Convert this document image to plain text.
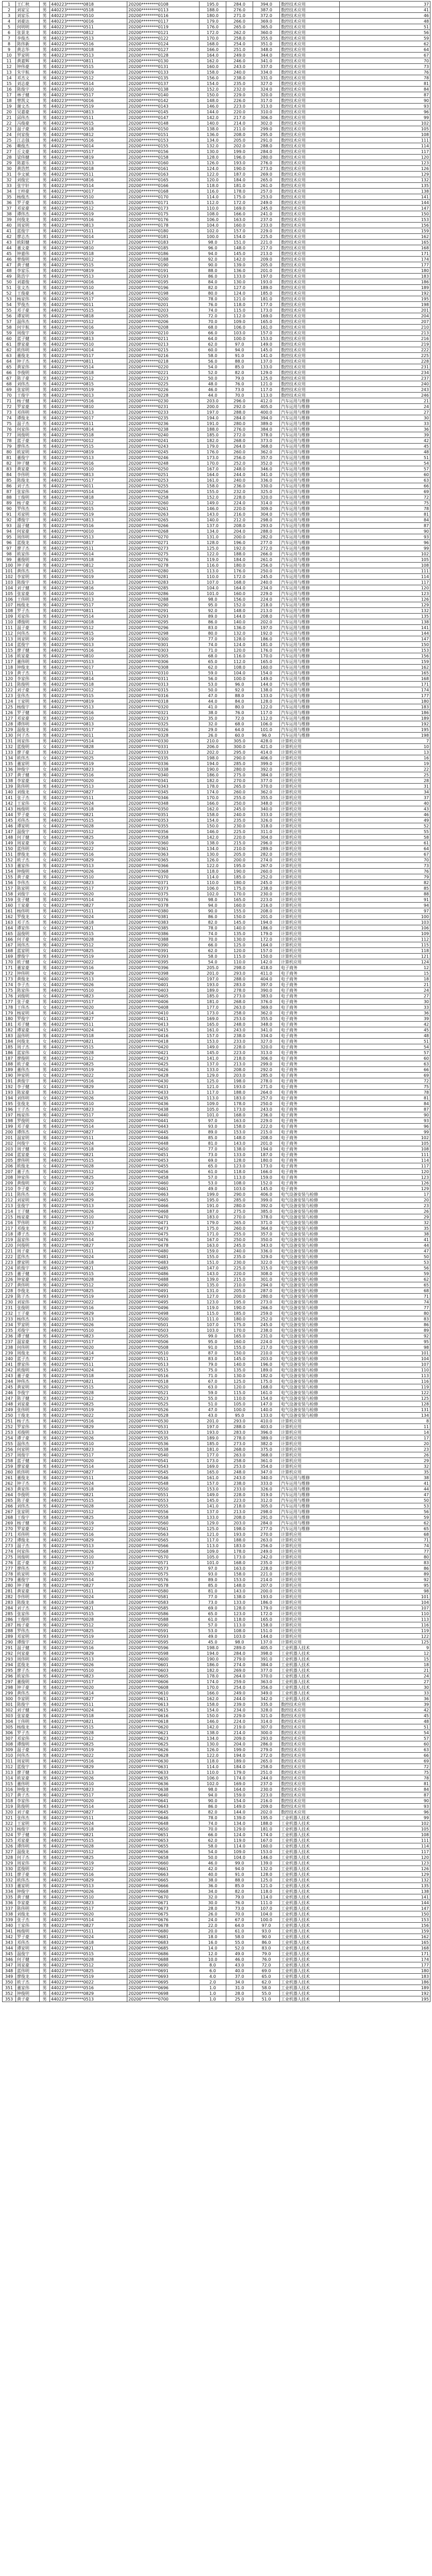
1	王仁秋	男	440223********0818	20200********0108	195.0	284.0	394.0	数控技术应用	37
2	刘家宝	男	440223********0518	20200********0113	188.0	276.0	387.0	数控技术应用	41
3	刘家乐	男	440223********0510	20200********0116	180.0	271.0	372.0	数控技术应用	46
4	刘豪达	男	440223********0016	20200********0117	179.0	266.0	369.0	数控技术应用	48
5	何明明	男	440223********0511	20200********0119	176.0	265.0	365.0	数控技术应用	51
6	张景龙	男	440223********0812	20200********0121	172.0	262.0	360.0	数控技术应用	56
7	李俊杰	男	440223********0513	20200********0122	170.0	258.0	355.0	数控技术应用	59
8	陈伟新	男	440223********0516	20200********0124	168.0	254.0	351.0	数控技术应用	62
9	黄志华	男	440223********0018	20200********0127	166.0	251.0	348.0	数控技术应用	64
10	罗家明	男	440223********0513	20200********0128	164.0	249.0	344.0	数控技术应用	67
11	黄嘉辉	男	440223********0811	20200********0130	162.0	246.0	341.0	数控技术应用	70
12	钟伟豪	男	440223********0515	20200********0131	160.0	243.0	337.0	数控技术应用	73
13	朱宇航	男	440223********0019	20200********0133	158.0	240.0	334.0	数控技术应用	76
14	邓杰文	男	440223********0512	20200********0135	156.0	238.0	331.0	数控技术应用	78
15	刘志豪	男	440223********0514	20200********0137	154.0	235.0	327.0	数控技术应用	81
16	陈俊宇	男	440223********0810	20200********0138	152.0	232.0	324.0	数控技术应用	84
17	林子健	男	440223********0517	20200********0140	150.0	229.0	320.0	数控技术应用	87
18	曾凯文	男	440223********0016	20200********0142	148.0	226.0	317.0	数控技术应用	90
19	谢文杰	男	440223********0519	20200********0143	146.0	223.0	313.0	数控技术应用	93
20	吴嘉豪	男	440223********0813	20200********0145	144.0	220.0	310.0	数控技术应用	96
21	邱伟杰	男	440223********0511	20200********0147	142.0	217.0	306.0	数控技术应用	99
22	冯俊豪	男	440223********0015	20200********0148	140.0	214.0	302.0	数控技术应用	102
23	温子豪	男	440223********0518	20200********0150	138.0	211.0	299.0	数控技术应用	105
24	何家俊	男	440223********0812	20200********0151	136.0	208.0	295.0	数控技术应用	108
25	江志强	男	440223********0516	20200********0153	134.0	205.0	291.0	数控技术应用	111
26	赖俊杰	男	440223********0014	20200********0155	132.0	202.0	288.0	数控技术应用	114
27	丘文豪	男	440223********0517	20200********0156	130.0	199.0	284.0	数控技术应用	117
28	梁伟健	男	440223********0819	20200********0158	128.0	196.0	280.0	数控技术应用	120
29	陈嘉乐	男	440223********0513	20200********0160	126.0	193.0	276.0	数控技术应用	123
30	黄浩然	男	440223********0018	20200********0161	124.0	190.0	273.0	数控技术应用	126
31	李文斌	男	440223********0511	20200********0163	122.0	187.0	269.0	数控技术应用	129
32	刘俊宏	男	440223********0816	20200********0165	120.0	184.0	265.0	数控技术应用	132
33	张宇轩	男	440223********0514	20200********0166	118.0	181.0	261.0	数控技术应用	135
34	王梓豪	男	440223********0017	20200********0168	116.0	178.0	257.0	数控技术应用	138
35	杨俊杰	男	440223********0510	20200********0170	114.0	175.0	253.0	数控技术应用	141
36	罗子豪	男	440223********0815	20200********0171	112.0	172.0	249.0	数控技术应用	144
37	邓家豪	男	440223********0512	20200********0173	110.0	169.0	245.0	数控技术应用	147
38	谭伟杰	男	440223********0019	20200********0175	108.0	166.0	241.0	数控技术应用	150
39	何俊龙	男	440223********0516	20200********0176	106.0	163.0	237.0	数控技术应用	153
40	周家明	男	440223********0813	20200********0178	104.0	160.0	233.0	数控技术应用	156
41	蓝俊宇	男	440223********0511	20200********0180	102.0	157.0	229.0	数控技术应用	159
42	廖志杰	男	440223********0014	20200********0181	100.0	154.0	225.0	数控技术应用	162
43	欧阳健	男	440223********0517	20200********0183	98.0	151.0	221.0	数控技术应用	165
44	董文豪	男	440223********0810	20200********0185	96.0	148.0	217.0	数控技术应用	168
45	钟嘉伟	男	440223********0518	20200********0186	94.0	145.0	213.0	数控技术应用	171
46	曾俊明	男	440223********0012	20200********0188	92.0	142.0	209.0	数控技术应用	174
47	黄子健	男	440223********0515	20200********0190	90.0	139.0	205.0	数控技术应用	177
48	李家乐	男	440223********0819	20200********0191	88.0	136.0	201.0	数控技术应用	180
49	陈浩宇	男	440223********0513	20200********0193	86.0	133.0	197.0	数控技术应用	183
50	刘嘉俊	男	440223********0016	20200********0195	84.0	130.0	193.0	数控技术应用	186
51	张文杰	男	440223********0510	20200********0196	82.0	127.0	189.0	数控技术应用	189
52	王俊豪	男	440223********0814	20200********0198	80.0	124.0	185.0	数控技术应用	192
53	杨家伟	男	440223********0517	20200********0200	78.0	121.0	181.0	数控技术应用	195
54	罗俊杰	男	440223********0011	20200********0201	76.0	118.0	177.0	数控技术应用	198
55	邓子豪	男	440223********0515	20200********0203	74.0	115.0	173.0	数控技术应用	201
56	谭家明	男	440223********0818	20200********0205	72.0	112.0	169.0	数控技术应用	204
57	温伟杰	男	440223********0512	20200********0206	70.0	109.0	165.0	数控技术应用	207
58	何宇航	男	440223********0016	20200********0208	68.0	106.0	161.0	数控技术应用	210
59	周俊宇	男	440223********0519	20200********0210	66.0	103.0	157.0	数控技术应用	213
60	蓝子健	男	440223********0813	20200********0211	64.0	100.0	153.0	数控技术应用	216
61	廖家豪	男	440223********0510	20200********0213	62.0	97.0	149.0	数控技术应用	219
62	欧伟明	男	440223********0014	20200********0215	60.0	94.0	145.0	数控技术应用	222
63	董俊龙	男	440223********0517	20200********0216	58.0	91.0	141.0	数控技术应用	225
64	钟子杰	男	440223********0811	20200********0218	56.0	88.0	137.0	数控技术应用	228
65	黄家伟	男	440223********0514	20200********0220	54.0	85.0	133.0	数控技术应用	231
66	李俊明	男	440223********0018	20200********0221	52.0	82.0	129.0	数控技术应用	234
67	陈子豪	男	440223********0512	20200********0223	50.0	79.0	125.0	数控技术应用	237
68	刘伟杰	男	440223********0815	20200********0225	48.0	76.0	121.0	数控技术应用	240
69	张家明	男	440223********0519	20200********0226	46.0	73.0	117.0	数控技术应用	243
70	王俊宇	男	440223********0013	20200********0228	44.0	70.0	113.0	数控技术应用	246
71	杨子健	男	440223********0516	20200********0230	203.0	296.0	412.0	汽车运用与维修	21
72	罗家豪	男	440223********0810	20200********0231	200.0	292.0	405.0	汽车运用与维修	24
73	邓伟明	男	440223********0513	20200********0233	197.0	288.0	400.0	汽车运用与维修	27
74	谭俊龙	男	440223********0017	20200********0235	194.0	284.0	394.0	汽车运用与维修	30
75	温子杰	男	440223********0511	20200********0236	191.0	280.0	389.0	汽车运用与维修	33
76	何家伟	男	440223********0814	20200********0238	188.0	276.0	384.0	汽车运用与维修	36
77	周俊明	男	440223********0518	20200********0240	185.0	272.0	378.0	汽车运用与维修	39
78	蓝子豪	男	440223********0012	20200********0241	182.0	268.0	373.0	汽车运用与维修	42
79	廖伟杰	男	440223********0515	20200********0243	179.0	264.0	368.0	汽车运用与维修	45
80	欧家明	男	440223********0819	20200********0245	176.0	260.0	362.0	汽车运用与维修	48
81	董俊宇	男	440223********0513	20200********0246	173.0	256.0	357.0	汽车运用与维修	51
82	钟子健	男	440223********0016	20200********0248	170.0	252.0	352.0	汽车运用与维修	54
83	黄家豪	男	440223********0510	20200********0250	167.0	248.0	346.0	汽车运用与维修	57
84	李伟明	男	440223********0813	20200********0251	164.0	244.0	341.0	汽车运用与维修	60
85	陈俊龙	男	440223********0517	20200********0253	161.0	240.0	336.0	汽车运用与维修	63
86	刘子杰	男	440223********0011	20200********0255	158.0	236.0	330.0	汽车运用与维修	66
87	张家伟	男	440223********0514	20200********0256	155.0	232.0	325.0	汽车运用与维修	69
88	王俊明	男	440223********0818	20200********0258	152.0	228.0	320.0	汽车运用与维修	72
89	杨子豪	男	440223********0512	20200********0260	149.0	224.0	314.0	汽车运用与维修	75
90	罗伟杰	男	440223********0015	20200********0261	146.0	220.0	309.0	汽车运用与维修	78
91	邓家明	男	440223********0519	20200********0263	143.0	216.0	304.0	汽车运用与维修	81
92	谭俊宇	男	440223********0813	20200********0265	140.0	212.0	298.0	汽车运用与维修	84
93	温子健	男	440223********0516	20200********0266	137.0	208.0	293.0	汽车运用与维修	87
94	何家豪	男	440223********0010	20200********0268	134.0	204.0	288.0	汽车运用与维修	90
95	周伟明	男	440223********0513	20200********0270	131.0	200.0	282.0	汽车运用与维修	93
96	蓝俊龙	男	440223********0817	20200********0271	128.0	196.0	277.0	汽车运用与维修	96
97	廖子杰	男	440223********0511	20200********0273	125.0	192.0	272.0	汽车运用与维修	99
98	欧家伟	男	440223********0014	20200********0275	122.0	188.0	266.0	汽车运用与维修	102
99	董俊明	男	440223********0518	20200********0276	119.0	184.0	261.0	汽车运用与维修	105
100	钟子豪	男	440223********0812	20200********0278	116.0	180.0	256.0	汽车运用与维修	108
101	黄伟杰	男	440223********0515	20200********0280	113.0	176.0	250.0	汽车运用与维修	111
102	李家明	男	440223********0019	20200********0281	110.0	172.0	245.0	汽车运用与维修	114
103	陈俊宇	男	440223********0513	20200********0283	107.0	168.0	240.0	汽车运用与维修	117
104	刘子健	男	440223********0816	20200********0285	104.0	164.0	234.0	汽车运用与维修	120
105	张家豪	男	440223********0510	20200********0286	101.0	160.0	229.0	汽车运用与维修	123
106	王伟明	男	440223********0013	20200********0288	98.0	156.0	224.0	汽车运用与维修	126
107	杨俊龙	男	440223********0517	20200********0290	95.0	152.0	218.0	汽车运用与维修	129
108	罗子杰	男	440223********0811	20200********0291	92.0	148.0	213.0	汽车运用与维修	132
109	邓家伟	男	440223********0514	20200********0293	89.0	144.0	208.0	汽车运用与维修	135
110	谭俊明	男	440223********0018	20200********0295	86.0	140.0	202.0	汽车运用与维修	138
111	温子豪	男	440223********0512	20200********0296	83.0	136.0	197.0	汽车运用与维修	141
112	何伟杰	男	440223********0815	20200********0298	80.0	132.0	192.0	汽车运用与维修	144
113	周家明	男	440223********0519	20200********0300	77.0	128.0	186.0	汽车运用与维修	147
114	蓝俊宇	男	440223********0013	20200********0301	74.0	124.0	181.0	汽车运用与维修	150
115	廖子健	男	440223********0516	20200********0303	71.0	120.0	176.0	汽车运用与维修	153
116	欧家豪	男	440223********0810	20200********0305	68.0	116.0	170.0	汽车运用与维修	156
117	董伟明	男	440223********0513	20200********0306	65.0	112.0	165.0	汽车运用与维修	159
118	钟俊龙	男	440223********0017	20200********0308	62.0	108.0	160.0	汽车运用与维修	162
119	黄子杰	男	440223********0511	20200********0310	59.0	104.0	154.0	汽车运用与维修	165
120	李家伟	男	440223********0814	20200********0311	56.0	100.0	149.0	汽车运用与维修	168
121	陈俊明	男	440223********0518	20200********0313	53.0	96.0	144.0	汽车运用与维修	171
122	刘子豪	男	440223********0012	20200********0315	50.0	92.0	138.0	汽车运用与维修	174
123	张伟杰	男	440223********0515	20200********0316	47.0	88.0	133.0	汽车运用与维修	177
124	王家明	男	440223********0819	20200********0318	44.0	84.0	128.0	汽车运用与维修	180
125	杨俊宇	男	440223********0513	20200********0320	41.0	80.0	122.0	汽车运用与维修	183
126	罗子健	男	440223********0016	20200********0321	38.0	76.0	117.0	汽车运用与维修	186
127	邓家豪	男	440223********0510	20200********0323	35.0	72.0	112.0	汽车运用与维修	189
128	谭伟明	男	440223********0813	20200********0325	32.0	68.0	106.0	汽车运用与维修	192
129	温俊龙	男	440223********0517	20200********0326	29.0	64.0	101.0	汽车运用与维修	195
130	何子杰	男	440223********0011	20200********0328	26.0	60.0	96.0	汽车运用与维修	198
131	周家伟	男	440223********0514	20200********0330	210.0	305.0	428.0	计算机应用	7
132	蓝俊明	女	440223********0828	20200********0331	206.0	300.0	421.0	计算机应用	10
133	廖子豪	男	440223********0512	20200********0333	202.0	295.0	414.0	计算机应用	13
134	欧伟杰	女	440223********0025	20200********0335	198.0	290.0	406.0	计算机应用	16
135	董家明	男	440223********0519	20200********0336	194.0	285.0	399.0	计算机应用	19
136	钟俊宇	女	440223********0823	20200********0338	190.0	280.0	392.0	计算机应用	22
137	黄子健	男	440223********0516	20200********0340	186.0	275.0	384.0	计算机应用	25
138	李家豪	女	440223********0020	20200********0341	182.0	270.0	377.0	计算机应用	28
139	陈伟明	男	440223********0513	20200********0343	178.0	265.0	370.0	计算机应用	31
140	刘俊龙	女	440223********0827	20200********0345	174.0	260.0	362.0	计算机应用	34
141	张子杰	男	440223********0511	20200********0346	170.0	255.0	355.0	计算机应用	37
142	王家伟	女	440223********0024	20200********0348	166.0	250.0	348.0	计算机应用	40
143	杨俊明	男	440223********0518	20200********0350	162.0	245.0	340.0	计算机应用	43
144	罗子豪	女	440223********0821	20200********0351	158.0	240.0	333.0	计算机应用	46
145	邓伟杰	男	440223********0515	20200********0353	154.0	235.0	326.0	计算机应用	49
146	谭家明	女	440223********0028	20200********0355	150.0	230.0	318.0	计算机应用	52
147	温俊宇	男	440223********0512	20200********0356	146.0	225.0	311.0	计算机应用	55
148	何子健	女	440223********0825	20200********0358	142.0	220.0	304.0	计算机应用	58
149	周家豪	男	440223********0519	20200********0360	138.0	215.0	296.0	计算机应用	61
150	蓝伟明	女	440223********0022	20200********0361	134.0	210.0	289.0	计算机应用	64
151	廖俊龙	男	440223********0516	20200********0363	130.0	205.0	282.0	计算机应用	67
152	欧子杰	女	440223********0829	20200********0365	126.0	200.0	274.0	计算机应用	70
153	董家伟	男	440223********0513	20200********0366	122.0	195.0	267.0	计算机应用	73
154	钟俊明	女	440223********0026	20200********0368	118.0	190.0	260.0	计算机应用	76
155	黄子豪	男	440223********0510	20200********0370	114.0	185.0	252.0	计算机应用	79
156	李伟杰	女	440223********0823	20200********0371	110.0	180.0	245.0	计算机应用	82
157	陈家明	男	440223********0517	20200********0373	106.0	175.0	238.0	计算机应用	85
158	刘俊宇	女	440223********0020	20200********0375	102.0	170.0	230.0	计算机应用	88
159	张子健	男	440223********0514	20200********0376	98.0	165.0	223.0	计算机应用	91
160	王家豪	女	440223********0827	20200********0378	94.0	160.0	216.0	计算机应用	94
161	杨伟明	男	440223********0511	20200********0380	90.0	155.0	208.0	计算机应用	97
162	罗俊龙	女	440223********0024	20200********0381	86.0	150.0	201.0	计算机应用	100
163	邓子杰	男	440223********0518	20200********0383	82.0	145.0	194.0	计算机应用	103
164	谭家伟	女	440223********0821	20200********0385	78.0	140.0	186.0	计算机应用	106
165	温俊明	男	440223********0515	20200********0386	74.0	135.0	179.0	计算机应用	109
166	何子豪	女	440223********0028	20200********0388	70.0	130.0	172.0	计算机应用	112
167	周伟杰	男	440223********0512	20200********0390	66.0	125.0	164.0	计算机应用	115
168	蓝家明	女	440223********0825	20200********0391	62.0	120.0	157.0	计算机应用	118
169	廖俊宇	男	440223********0519	20200********0393	58.0	115.0	150.0	计算机应用	121
170	欧子健	女	440223********0022	20200********0395	54.0	110.0	142.0	计算机应用	124
171	董家豪	男	440223********0516	20200********0396	205.0	298.0	418.0	电子商务	12
172	钟伟明	女	440223********0829	20200********0398	201.0	293.0	411.0	电子商务	15
173	黄俊龙	男	440223********0513	20200********0400	197.0	288.0	404.0	电子商务	18
174	李子杰	女	440223********0026	20200********0401	193.0	283.0	397.0	电子商务	21
175	陈家伟	男	440223********0510	20200********0403	189.0	278.0	390.0	电子商务	24
176	刘俊明	女	440223********0823	20200********0405	185.0	273.0	383.0	电子商务	27
177	张子豪	男	440223********0517	20200********0406	181.0	268.0	376.0	电子商务	30
178	王伟杰	女	440223********0020	20200********0408	177.0	263.0	369.0	电子商务	33
179	杨家明	男	440223********0514	20200********0410	173.0	258.0	362.0	电子商务	36
180	罗俊宇	女	440223********0827	20200********0411	169.0	253.0	355.0	电子商务	39
181	邓子健	男	440223********0511	20200********0413	165.0	248.0	348.0	电子商务	42
182	谭家豪	女	440223********0024	20200********0415	161.0	243.0	341.0	电子商务	45
183	温伟明	男	440223********0518	20200********0416	157.0	238.0	334.0	电子商务	48
184	何俊龙	女	440223********0821	20200********0418	153.0	233.0	327.0	电子商务	51
185	周子杰	男	440223********0515	20200********0420	149.0	228.0	320.0	电子商务	54
186	蓝家伟	女	440223********0028	20200********0421	145.0	223.0	313.0	电子商务	57
187	廖俊明	男	440223********0512	20200********0423	141.0	218.0	306.0	电子商务	60
188	欧子豪	女	440223********0825	20200********0425	137.0	213.0	299.0	电子商务	63
189	董伟杰	男	440223********0519	20200********0426	133.0	208.0	292.0	电子商务	66
190	钟家明	女	440223********0022	20200********0428	129.0	203.0	285.0	电子商务	69
191	黄俊宇	男	440223********0516	20200********0430	125.0	198.0	278.0	电子商务	72
192	李子健	女	440223********0829	20200********0431	121.0	193.0	271.0	电子商务	75
193	陈家豪	男	440223********0513	20200********0433	117.0	188.0	264.0	电子商务	78
194	刘伟明	女	440223********0026	20200********0435	113.0	183.0	257.0	电子商务	81
195	张俊龙	男	440223********0510	20200********0436	109.0	178.0	250.0	电子商务	84
196	王子杰	女	440223********0823	20200********0438	105.0	173.0	243.0	电子商务	87
197	杨家伟	男	440223********0517	20200********0440	101.0	168.0	236.0	电子商务	90
198	罗俊明	女	440223********0020	20200********0441	97.0	163.0	229.0	电子商务	93
199	邓子豪	男	440223********0514	20200********0443	93.0	158.0	222.0	电子商务	96
200	谭伟杰	女	440223********0827	20200********0445	89.0	153.0	215.0	电子商务	99
201	温家明	男	440223********0511	20200********0446	85.0	148.0	208.0	电子商务	102
202	何俊宇	女	440223********0024	20200********0448	81.0	143.0	201.0	电子商务	105
203	周子健	男	440223********0518	20200********0450	77.0	138.0	194.0	电子商务	108
204	蓝家豪	女	440223********0821	20200********0451	73.0	133.0	187.0	电子商务	111
205	廖伟明	男	440223********0515	20200********0453	69.0	128.0	180.0	电子商务	114
206	欧俊龙	女	440223********0028	20200********0455	65.0	123.0	173.0	电子商务	117
207	董子杰	男	440223********0512	20200********0456	61.0	118.0	166.0	电子商务	120
208	钟家伟	女	440223********0825	20200********0458	57.0	113.0	159.0	电子商务	123
209	黄俊明	男	440223********0519	20200********0460	53.0	108.0	152.0	电子商务	126
210	李子豪	女	440223********0022	20200********0461	49.0	103.0	145.0	电子商务	129
211	陈伟杰	男	440223********0516	20200********0463	199.0	290.0	406.0	电气设备安装与检修	17
212	刘家明	男	440223********0829	20200********0465	195.0	285.0	399.0	电气设备安装与检修	20
213	张俊宇	男	440223********0513	20200********0466	191.0	280.0	392.0	电气设备安装与检修	23
214	王子健	男	440223********0026	20200********0468	187.0	275.0	385.0	电气设备安装与检修	26
215	杨家豪	男	440223********0510	20200********0470	183.0	270.0	378.0	电气设备安装与检修	29
216	罗伟明	男	440223********0823	20200********0471	179.0	265.0	371.0	电气设备安装与检修	32
217	邓俊龙	男	440223********0517	20200********0473	175.0	260.0	364.0	电气设备安装与检修	35
218	谭子杰	男	440223********0020	20200********0475	171.0	255.0	357.0	电气设备安装与检修	38
219	温家伟	男	440223********0514	20200********0476	167.0	250.0	350.0	电气设备安装与检修	41
220	何俊明	男	440223********0827	20200********0478	163.0	245.0	343.0	电气设备安装与检修	44
221	周子豪	男	440223********0511	20200********0480	159.0	240.0	336.0	电气设备安装与检修	47
222	蓝伟杰	男	440223********0024	20200********0481	155.0	235.0	329.0	电气设备安装与检修	50
223	廖家明	男	440223********0518	20200********0483	151.0	230.0	322.0	电气设备安装与检修	53
224	欧俊宇	男	440223********0821	20200********0485	147.0	225.0	315.0	电气设备安装与检修	56
225	董子健	男	440223********0515	20200********0486	143.0	220.0	308.0	电气设备安装与检修	59
226	钟家豪	男	440223********0028	20200********0488	139.0	215.0	301.0	电气设备安装与检修	62
227	黄伟明	男	440223********0512	20200********0490	135.0	210.0	294.0	电气设备安装与检修	65
228	李俊龙	男	440223********0825	20200********0491	131.0	205.0	287.0	电气设备安装与检修	68
229	陈子杰	男	440223********0519	20200********0493	127.0	200.0	280.0	电气设备安装与检修	71
230	刘家伟	男	440223********0022	20200********0495	123.0	195.0	273.0	电气设备安装与检修	74
231	张俊明	男	440223********0516	20200********0496	119.0	190.0	266.0	电气设备安装与检修	77
232	王子豪	男	440223********0829	20200********0498	115.0	185.0	259.0	电气设备安装与检修	80
233	杨伟杰	男	440223********0513	20200********0500	111.0	180.0	252.0	电气设备安装与检修	83
234	罗家明	男	440223********0026	20200********0501	107.0	175.0	245.0	电气设备安装与检修	86
235	邓俊宇	男	440223********0510	20200********0503	103.0	170.0	238.0	电气设备安装与检修	89
236	谭子健	男	440223********0823	20200********0505	99.0	165.0	231.0	电气设备安装与检修	92
237	温家豪	男	440223********0517	20200********0506	95.0	160.0	224.0	电气设备安装与检修	95
238	何伟明	男	440223********0020	20200********0508	91.0	155.0	217.0	电气设备安装与检修	98
239	周俊龙	男	440223********0514	20200********0510	87.0	150.0	210.0	电气设备安装与检修	101
240	蓝子杰	男	440223********0827	20200********0511	83.0	145.0	203.0	电气设备安装与检修	104
241	廖家伟	男	440223********0511	20200********0513	79.0	140.0	196.0	电气设备安装与检修	107
242	欧俊明	男	440223********0024	20200********0515	75.0	135.0	189.0	电气设备安装与检修	110
243	董子豪	男	440223********0518	20200********0516	71.0	130.0	182.0	电气设备安装与检修	113
244	钟伟杰	男	440223********0821	20200********0518	67.0	125.0	175.0	电气设备安装与检修	116
245	黄家明	男	440223********0515	20200********0520	63.0	120.0	168.0	电气设备安装与检修	119
246	李俊宇	男	440223********0028	20200********0521	59.0	115.0	161.0	电气设备安装与检修	122
247	陈子健	男	440223********0512	20200********0523	55.0	110.0	154.0	电气设备安装与检修	125
248	刘家豪	男	440223********0825	20200********0525	51.0	105.0	147.0	电气设备安装与检修	128
249	张伟明	男	440223********0519	20200********0526	47.0	100.0	140.0	电气设备安装与检修	131
250	王俊龙	男	440223********0022	20200********0528	43.0	95.0	133.0	电气设备安装与检修	134
251	杨子杰	男	440223********0516	20200********0530	201.0	293.0	410.0	计算机应用	8
252	罗家伟	男	440223********0829	20200********0531	197.0	288.0	403.0	计算机应用	11
253	邓俊明	男	440223********0513	20200********0533	193.0	283.0	396.0	计算机应用	14
254	谭子豪	男	440223********0026	20200********0535	189.0	278.0	389.0	计算机应用	17
255	温伟杰	男	440223********0510	20200********0536	185.0	273.0	382.0	计算机应用	20
256	何家明	男	440223********0823	20200********0538	181.0	268.0	375.0	计算机应用	23
257	周俊宇	男	440223********0517	20200********0540	177.0	263.0	368.0	计算机应用	26
258	蓝子健	男	440223********0020	20200********0541	173.0	258.0	361.0	计算机应用	29
259	廖家豪	男	440223********0514	20200********0543	169.0	253.0	354.0	计算机应用	32
260	欧伟明	男	440223********0827	20200********0545	165.0	248.0	347.0	计算机应用	35
261	董俊龙	男	440223********0511	20200********0546	161.0	243.0	340.0	汽车运用与维修	38
262	钟子杰	男	440223********0024	20200********0548	157.0	238.0	333.0	汽车运用与维修	41
263	黄家伟	男	440223********0518	20200********0550	153.0	233.0	326.0	汽车运用与维修	44
264	李俊明	男	440223********0821	20200********0551	149.0	228.0	319.0	汽车运用与维修	47
265	陈子豪	男	440223********0515	20200********0553	145.0	223.0	312.0	汽车运用与维修	50
266	刘伟杰	男	440223********0028	20200********0555	141.0	218.0	305.0	汽车运用与维修	53
267	张家明	男	440223********0512	20200********0556	137.0	213.0	298.0	汽车运用与维修	56
268	王俊宇	男	440223********0825	20200********0558	133.0	208.0	291.0	汽车运用与维修	59
269	杨子健	男	440223********0519	20200********0560	129.0	203.0	284.0	汽车运用与维修	62
270	罗家豪	男	440223********0022	20200********0561	125.0	198.0	277.0	汽车运用与维修	65
271	邓伟明	男	440223********0516	20200********0563	121.0	193.0	270.0	计算机应用	68
272	谭俊龙	男	440223********0829	20200********0565	117.0	188.0	263.0	计算机应用	71
273	温子杰	男	440223********0513	20200********0566	113.0	183.0	256.0	计算机应用	74
274	何家伟	男	440223********0026	20200********0568	109.0	178.0	249.0	计算机应用	77
275	周俊明	男	440223********0510	20200********0570	105.0	173.0	242.0	计算机应用	80
276	蓝子豪	男	440223********0823	20200********0571	101.0	168.0	235.0	计算机应用	83
277	廖伟杰	男	440223********0517	20200********0573	97.0	163.0	228.0	计算机应用	86
278	欧家明	男	440223********0020	20200********0575	93.0	158.0	221.0	计算机应用	89
279	董俊宇	男	440223********0514	20200********0576	89.0	153.0	214.0	计算机应用	92
280	钟子健	男	440223********0827	20200********0578	85.0	148.0	207.0	计算机应用	95
281	黄家豪	男	440223********0511	20200********0580	81.0	143.0	200.0	计算机应用	98
282	李伟明	男	440223********0024	20200********0581	77.0	138.0	193.0	计算机应用	101
283	陈俊龙	男	440223********0518	20200********0583	73.0	133.0	186.0	计算机应用	104
284	刘子杰	男	440223********0821	20200********0585	69.0	128.0	179.0	计算机应用	107
285	张家伟	男	440223********0515	20200********0586	65.0	123.0	172.0	计算机应用	110
286	王俊明	男	440223********0028	20200********0588	61.0	118.0	165.0	计算机应用	113
287	杨子豪	男	440223********0512	20200********0590	57.0	113.0	158.0	计算机应用	116
288	罗伟杰	男	440223********0825	20200********0591	53.0	108.0	151.0	计算机应用	119
289	邓家明	男	440223********0519	20200********0593	49.0	103.0	144.0	计算机应用	122
290	谭俊宇	男	440223********0022	20200********0595	45.0	98.0	137.0	计算机应用	125
291	温子健	男	440223********0516	20200********0596	198.0	289.0	405.0	工业机器人技术	9
292	何家豪	男	440223********0829	20200********0598	194.0	284.0	398.0	工业机器人技术	12
293	周伟明	男	440223********0513	20200********0600	190.0	279.0	391.0	工业机器人技术	15
294	蓝俊龙	男	440223********0026	20200********0601	186.0	274.0	384.0	工业机器人技术	18
295	廖子杰	男	440223********0510	20200********0603	182.0	269.0	377.0	工业机器人技术	21
296	欧家伟	男	440223********0823	20200********0605	178.0	264.0	370.0	工业机器人技术	24
297	董俊明	男	440223********0517	20200********0606	174.0	259.0	363.0	工业机器人技术	27
298	钟子豪	男	440223********0020	20200********0608	170.0	254.0	356.0	工业机器人技术	30
299	黄伟杰	男	440223********0514	20200********0610	166.0	249.0	349.0	工业机器人技术	33
300	李家明	男	440223********0827	20200********0611	162.0	244.0	342.0	工业机器人技术	36
301	陈俊宇	男	440223********0511	20200********0613	158.0	239.0	335.0	数控技术应用	39
302	刘子健	男	440223********0024	20200********0615	154.0	234.0	328.0	数控技术应用	42
303	张家豪	男	440223********0518	20200********0616	150.0	229.0	321.0	数控技术应用	45
304	王伟明	男	440223********0821	20200********0618	146.0	224.0	314.0	数控技术应用	48
305	杨俊龙	男	440223********0515	20200********0620	142.0	219.0	307.0	数控技术应用	51
306	罗子杰	男	440223********0028	20200********0621	138.0	214.0	300.0	数控技术应用	54
307	邓家伟	男	440223********0512	20200********0623	134.0	209.0	293.0	数控技术应用	57
308	谭俊明	男	440223********0825	20200********0625	130.0	204.0	286.0	数控技术应用	60
309	温子豪	男	440223********0519	20200********0626	126.0	199.0	279.0	数控技术应用	63
310	何伟杰	男	440223********0022	20200********0628	122.0	194.0	272.0	数控技术应用	66
311	周家明	男	440223********0516	20200********0630	118.0	189.0	265.0	数控技术应用	69
312	蓝俊宇	男	440223********0829	20200********0631	114.0	184.0	258.0	数控技术应用	72
313	廖子健	男	440223********0513	20200********0633	110.0	179.0	251.0	数控技术应用	75
314	欧家豪	男	440223********0026	20200********0635	106.0	174.0	244.0	数控技术应用	78
315	董伟明	男	440223********0510	20200********0636	102.0	169.0	237.0	数控技术应用	81
316	钟俊龙	男	440223********0823	20200********0638	98.0	164.0	230.0	数控技术应用	84
317	黄子杰	男	440223********0517	20200********0640	94.0	159.0	223.0	数控技术应用	87
318	李家伟	男	440223********0020	20200********0641	90.0	154.0	216.0	数控技术应用	90
319	陈俊明	男	440223********0514	20200********0643	86.0	149.0	209.0	数控技术应用	93
320	刘子豪	男	440223********0827	20200********0645	82.0	144.0	202.0	数控技术应用	96
321	张伟杰	男	440223********0511	20200********0646	78.0	139.0	195.0	工业机器人技术	99
322	王家明	男	440223********0024	20200********0648	74.0	134.0	188.0	工业机器人技术	102
323	杨俊宇	男	440223********0518	20200********0650	70.0	129.0	181.0	工业机器人技术	105
324	罗子健	男	440223********0821	20200********0651	66.0	124.0	174.0	工业机器人技术	108
325	邓家豪	男	440223********0515	20200********0653	62.0	119.0	167.0	工业机器人技术	111
326	谭伟明	男	440223********0028	20200********0655	58.0	114.0	160.0	工业机器人技术	114
327	温俊龙	男	440223********0512	20200********0656	54.0	109.0	153.0	工业机器人技术	117
328	何子杰	男	440223********0825	20200********0658	50.0	104.0	146.0	工业机器人技术	120
329	周家伟	男	440223********0519	20200********0660	46.0	99.0	139.0	工业机器人技术	123
330	蓝俊明	男	440223********0022	20200********0661	42.0	94.0	132.0	工业机器人技术	126
331	廖子豪	男	440223********0516	20200********0663	40.0	91.0	128.0	工业机器人技术	129
332	欧伟杰	男	440223********0829	20200********0665	38.0	88.0	125.0	工业机器人技术	132
333	董家明	男	440223********0513	20200********0666	36.0	85.0	121.0	工业机器人技术	135
334	钟俊宇	男	440223********0026	20200********0668	34.0	82.0	118.0	工业机器人技术	138
335	黄子健	男	440223********0510	20200********0670	32.0	79.0	114.0	工业机器人技术	141
336	李家豪	男	440223********0823	20200********0671	30.0	76.0	111.0	工业机器人技术	144
337	陈伟明	男	440223********0517	20200********0673	28.0	73.0	107.0	工业机器人技术	147
338	刘俊龙	男	440223********0020	20200********0675	26.0	70.0	104.0	工业机器人技术	150
339	张子杰	男	440223********0514	20200********0676	24.0	67.0	100.0	工业机器人技术	153
340	王家伟	男	440223********0827	20200********0678	22.0	64.0	97.0	工业机器人技术	156
341	杨俊明	男	440223********0511	20200********0680	20.0	61.0	93.0	工业机器人技术	159
342	罗子豪	男	440223********0024	20200********0681	18.0	58.0	90.0	工业机器人技术	162
343	邓伟杰	男	440223********0518	20200********0683	16.0	55.0	86.0	工业机器人技术	165
344	谭家明	男	440223********0821	20200********0685	14.0	52.0	83.0	工业机器人技术	168
345	温俊宇	男	440223********0515	20200********0686	12.0	49.0	79.0	工业机器人技术	171
346	何子健	男	440223********0028	20200********0688	10.0	46.0	76.0	工业机器人技术	174
347	周家豪	男	440223********0512	20200********0690	8.0	43.0	72.0	工业机器人技术	177
348	蓝伟明	男	440223********0825	20200********0691	6.0	40.0	69.0	工业机器人技术	180
349	廖俊龙	男	440223********0519	20200********0693	4.0	37.0	65.0	工业机器人技术	183
350	欧子杰	男	440223********0022	20200********0695	2.0	34.0	62.0	工业机器人技术	186
351	董家伟	男	440223********0516	20200********0696	1.0	31.0	58.0	工业机器人技术	189
352	钟俊明	男	440223********0829	20200********0698	1.0	28.0	55.0	工业机器人技术	192
353	黄子豪	男	440223********0513	20200********0700	1.0	25.0	51.0	工业机器人技术	195
